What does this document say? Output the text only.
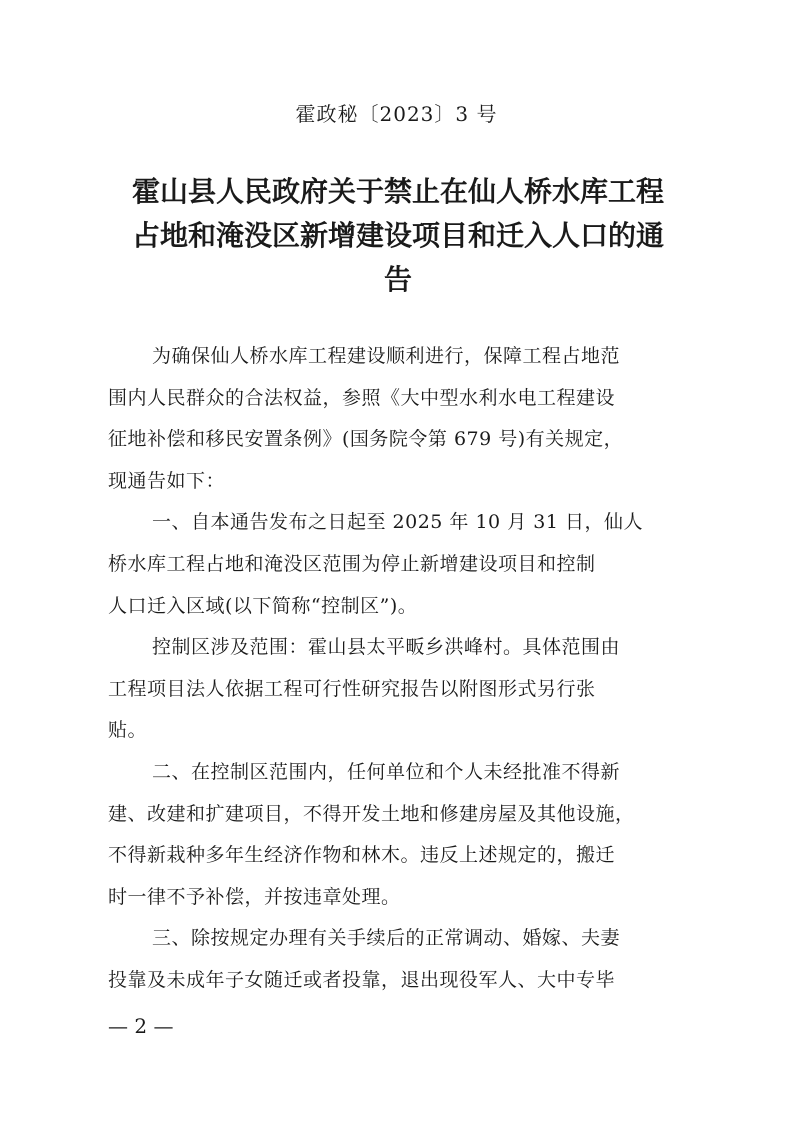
霍政秘〔2023〕3 号
霍山县人民政府关于禁止在仙人桥水库工程
占地和淹没区新增建设项目和迁入人口的通
告
为确保仙人桥水库工程建设顺利进行，保障工程占地范
围内人民群众的合法权益，参照《大中型水利水电工程建设
征地补偿和移民安置条例》(国务院令第 679 号)有关规定，
现通告如下：
一、自本通告发布之日起至 2025 年 10 月 31 日，仙人
桥水库工程占地和淹没区范围为停止新增建设项目和控制
人口迁入区域(以下简称“控制区”)。
控制区涉及范围：霍山县太平畈乡洪峰村。具体范围由
工程项目法人依据工程可行性研究报告以附图形式另行张
贴。
二、在控制区范围内，任何单位和个人未经批准不得新
建、改建和扩建项目，不得开发土地和修建房屋及其他设施，
不得新栽种多年生经济作物和林木。违反上述规定的，搬迁
时一律不予补偿，并按违章处理。
三、除按规定办理有关手续后的正常调动、婚嫁、夫妻
投靠及未成年子女随迁或者投靠，退出现役军人、大中专毕
— 2 —
